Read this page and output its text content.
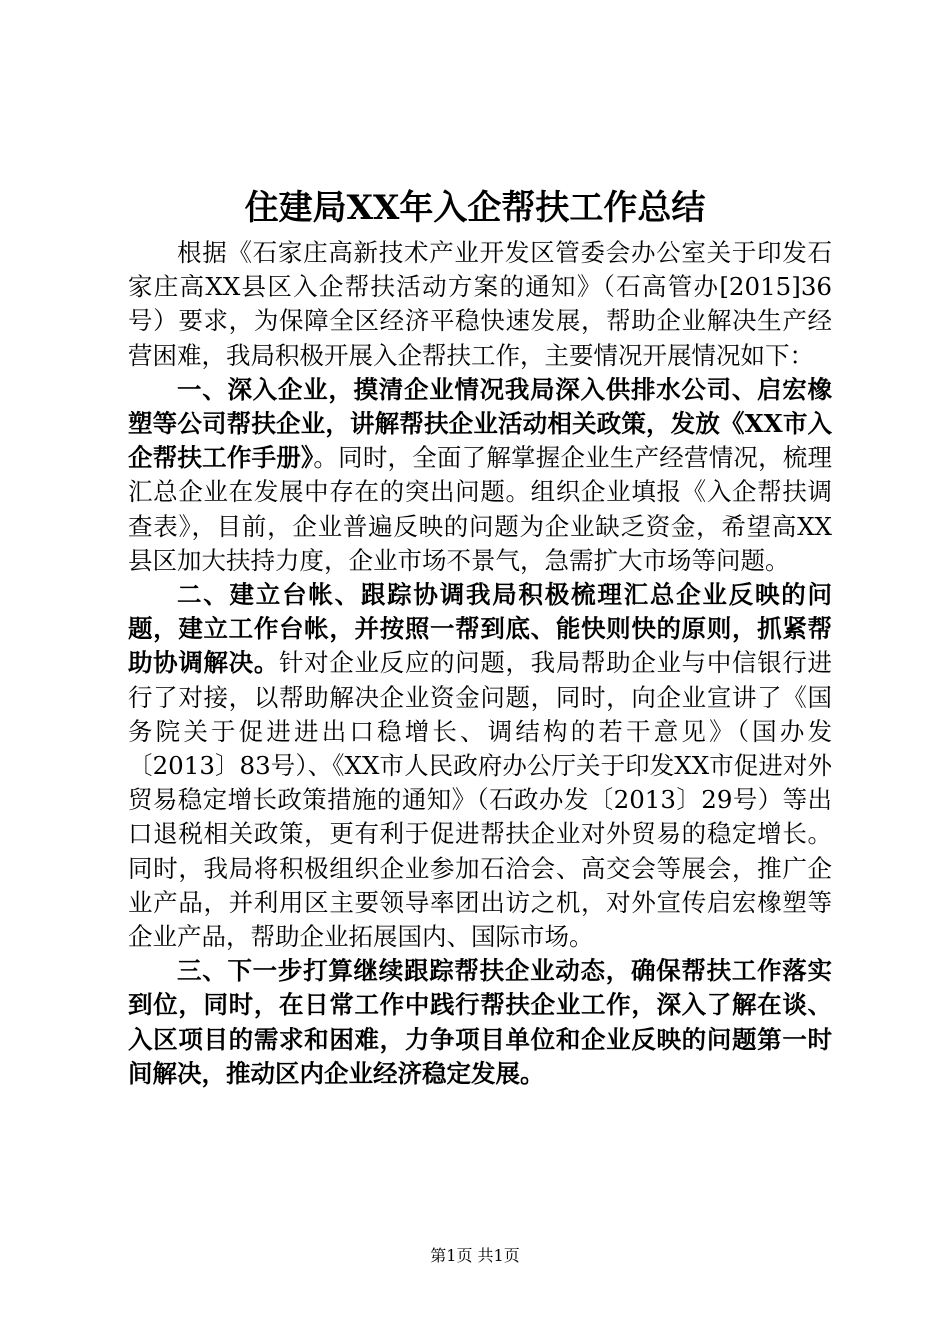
住建局XX年入企帮扶工作总结

根据《石家庄高新技术产业开发区管委会办公室关于印发石家庄高XX县区入企帮扶活动方案的通知》（石高管办[2015]36号）要求，为保障全区经济平稳快速发展，帮助企业解决生产经营困难，我局积极开展入企帮扶工作，主要情况开展情况如下：

一、深入企业，摸清企业情况我局深入供排水公司、启宏橡塑等公司帮扶企业，讲解帮扶企业活动相关政策，发放《XX市入企帮扶工作手册》。同时，全面了解掌握企业生产经营情况，梳理汇总企业在发展中存在的突出问题。组织企业填报《入企帮扶调查表》，目前，企业普遍反映的问题为企业缺乏资金，希望高XX县区加大扶持力度，企业市场不景气，急需扩大市场等问题。

二、建立台帐、跟踪协调我局积极梳理汇总企业反映的问题，建立工作台帐，并按照一帮到底、能快则快的原则，抓紧帮助协调解决。针对企业反应的问题，我局帮助企业与中信银行进行了对接，以帮助解决企业资金问题，同时，向企业宣讲了《国务院关于促进进出口稳增长、调结构的若干意见》（国办发〔2013〕83号）、《XX市人民政府办公厅关于印发XX市促进对外贸易稳定增长政策措施的通知》（石政办发〔2013〕29号）等出口退税相关政策，更有利于促进帮扶企业对外贸易的稳定增长。同时，我局将积极组织企业参加石洽会、高交会等展会，推广企业产品，并利用区主要领导率团出访之机，对外宣传启宏橡塑等企业产品，帮助企业拓展国内、国际市场。

三、下一步打算继续跟踪帮扶企业动态，确保帮扶工作落实到位，同时，在日常工作中践行帮扶企业工作，深入了解在谈、入区项目的需求和困难，力争项目单位和企业反映的问题第一时间解决，推动区内企业经济稳定发展。

第1页 共1页
